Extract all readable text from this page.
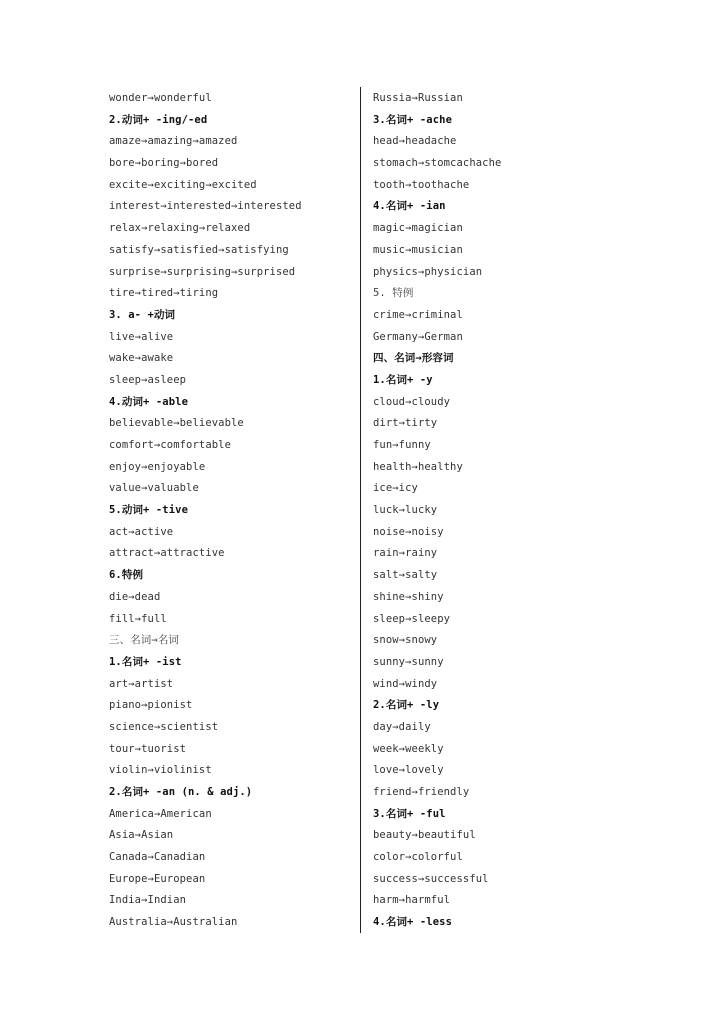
wonder→wonderful
2.动词+ -ing/-ed
amaze→amazing→amazed
bore→boring→bored
excite→exciting→excited
interest→interested→interested
relax→relaxing→relaxed
satisfy→satisfied→satisfying
surprise→surprising→surprised
tire→tired→tiring
3. a- +动词
live→alive
wake→awake
sleep→asleep
4.动词+ -able
believable→believable
comfort→comfortable
enjoy→enjoyable
value→valuable
5.动词+ -tive
act→active
attract→attractive
6.特例
die→dead
fill→full
三、名词→名词
1.名词+ -ist
art→artist
piano→pionist
science→scientist
tour→tuorist
violin→violinist
2.名词+ -an (n. & adj.)
America→American
Asia→Asian
Canada→Canadian
Europe→European
India→Indian
Australia→Australian
Russia→Russian
3.名词+ -ache
head→headache
stomach→stomcachache
tooth→toothache
4.名词+ -ian
magic→magician
music→musician
physics→physician
5. 特例
crime→criminal
Germany→German
四、名词→形容词
1.名词+ -y
cloud→cloudy
dirt→tirty
fun→funny
health→healthy
ice→icy
luck→lucky
noise→noisy
rain→rainy
salt→salty
shine→shiny
sleep→sleepy
snow→snowy
sunny→sunny
wind→windy
2.名词+ -ly
day→daily
week→weekly
love→lovely
friend→friendly
3.名词+ -ful
beauty→beautiful
color→colorful
success→successful
harm→harmful
4.名词+ -less
